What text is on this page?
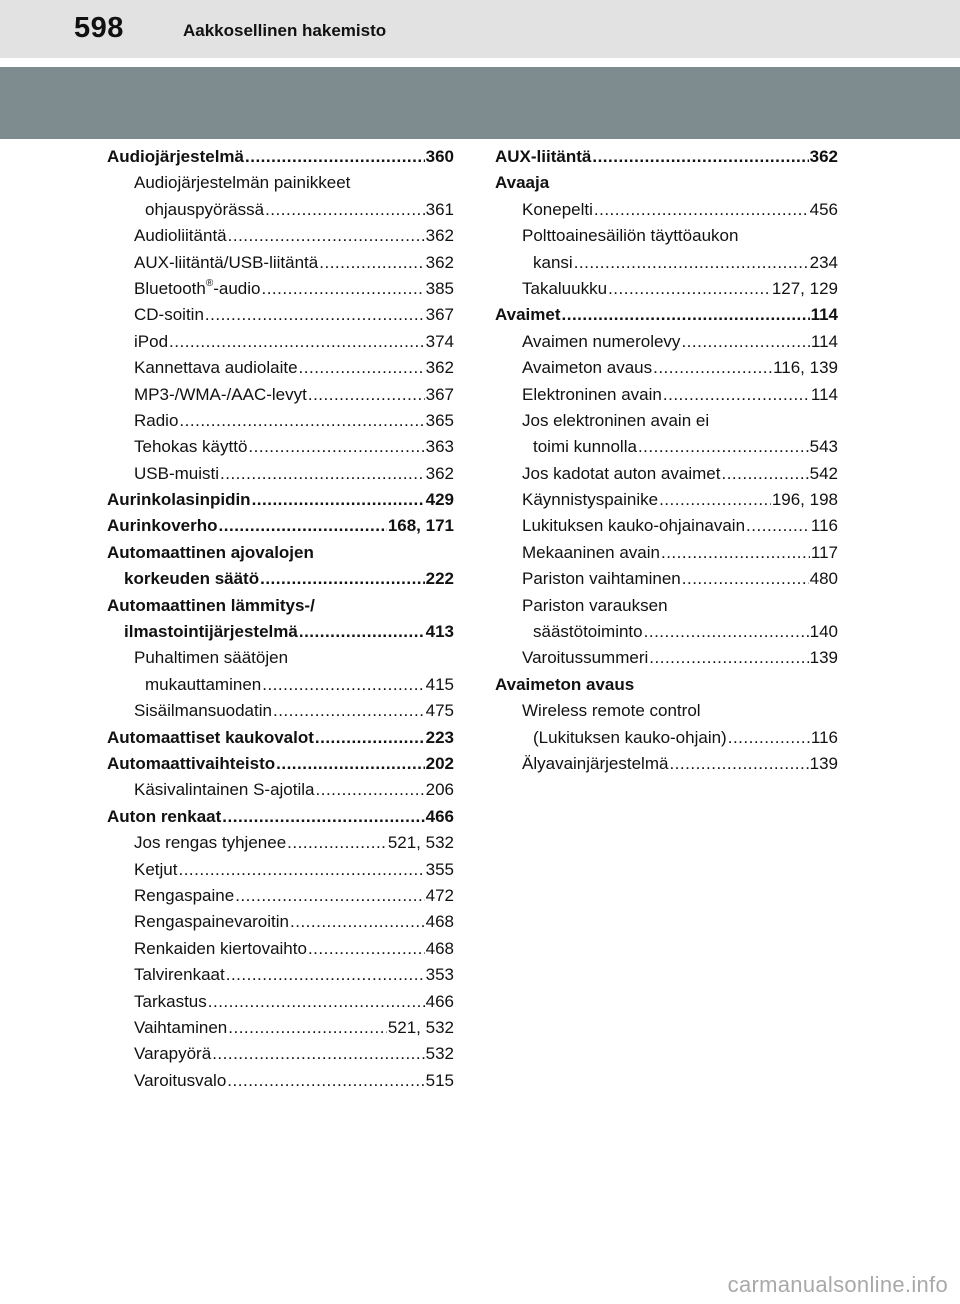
598	Aakkosellinen hakemisto
Audiojärjestelmä .....	360
Audiojärjestelmän painikkeet
ohjauspyörässä .....	361
Audioliitäntä .....	362
AUX-liitäntä/USB-liitäntä .....	362
Bluetooth®-audio .....	385
CD-soitin .....	367
iPod .....	374
Kannettava audiolaite .....	362
MP3-/WMA-/AAC-levyt .....	367
Radio .....	365
Tehokas käyttö .....	363
USB-muisti .....	362
Aurinkolasinpidin .....	429
Aurinkoverho .....	168, 171
Automaattinen ajovalojen
korkeuden säätö .....	222
Automaattinen lämmitys-/
ilmastointijärjestelmä .....	413
Puhaltimen säätöjen
mukauttaminen .....	415
Sisäilmansuodatin .....	475
Automaattiset kaukovalot .....	223
Automaattivaihteisto .....	202
Käsivalintainen S-ajotila .....	206
Auton renkaat .....	466
Jos rengas tyhjenee .....	521, 532
Ketjut .....	355
Rengaspaine .....	472
Rengaspainevaroitin .....	468
Renkaiden kiertovaihto .....	468
Talvirenkaat .....	353
Tarkastus .....	466
Vaihtaminen .....	521, 532
Varapyörä .....	532
Varoitusvalo .....	515
AUX-liitäntä .....	362
Avaaja
Konepelti .....	456
Polttoainesäiliön täyttöaukon
kansi .....	234
Takaluukku .....	127, 129
Avaimet .....	114
Avaimen numerolevy .....	114
Avaimeton avaus .....	116, 139
Elektroninen avain .....	114
Jos elektroninen avain ei
toimi kunnolla .....	543
Jos kadotat auton avaimet .....	542
Käynnistyspainike .....	196, 198
Lukituksen kauko-ohjainavain .....	116
Mekaaninen avain .....	117
Pariston vaihtaminen .....	480
Pariston varauksen
säästötoiminto .....	140
Varoitussummeri .....	139
Avaimeton avaus
Wireless remote control
(Lukituksen kauko-ohjain) .....	116
Älyavainjärjestelmä .....	139
carmanualsonline.info
